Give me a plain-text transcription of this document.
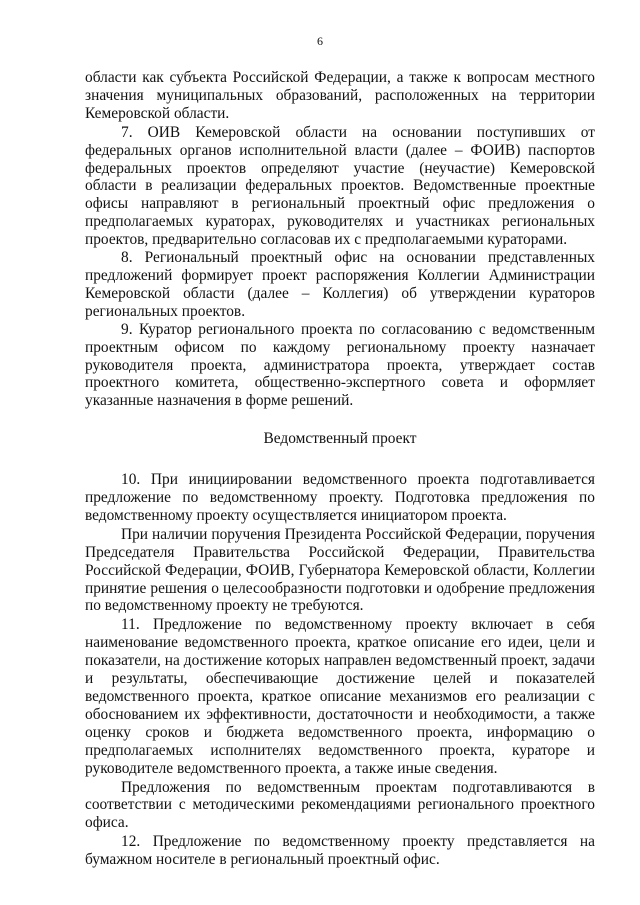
6

области как субъекта Российской Федерации, а также к вопросам местного значения муниципальных образований, расположенных на территории Кемеровской области.

7. ОИВ Кемеровской области на основании поступивших от федеральных органов исполнительной власти (далее – ФОИВ) паспортов федеральных проектов определяют участие (неучастие) Кемеровской области в реализации федеральных проектов. Ведомственные проектные офисы направляют в региональный проектный офис предложения о предполагаемых кураторах, руководителях и участниках региональных проектов, предварительно согласовав их с предполагаемыми кураторами.

8. Региональный проектный офис на основании представленных предложений формирует проект распоряжения Коллегии Администрации Кемеровской области (далее – Коллегия) об утверждении кураторов региональных проектов.

9. Куратор регионального проекта по согласованию с ведомственным проектным офисом по каждому региональному проекту назначает руководителя проекта, администратора проекта, утверждает состав проектного комитета, общественно-экспертного совета и оформляет указанные назначения в форме решений.

Ведомственный проект

10. При инициировании ведомственного проекта подготавливается предложение по ведомственному проекту. Подготовка предложения по ведомственному проекту осуществляется инициатором проекта.

При наличии поручения Президента Российской Федерации, поручения Председателя Правительства Российской Федерации, Правительства Российской Федерации, ФОИВ, Губернатора Кемеровской области, Коллегии принятие решения о целесообразности подготовки и одобрение предложения по ведомственному проекту не требуются.

11. Предложение по ведомственному проекту включает в себя наименование ведомственного проекта, краткое описание его идеи, цели и показатели, на достижение которых направлен ведомственный проект, задачи и результаты, обеспечивающие достижение целей и показателей ведомственного проекта, краткое описание механизмов его реализации с обоснованием их эффективности, достаточности и необходимости, а также оценку сроков и бюджета ведомственного проекта, информацию о предполагаемых исполнителях ведомственного проекта, кураторе и руководителе ведомственного проекта, а также иные сведения.

Предложения по ведомственным проектам подготавливаются в соответствии с методическими рекомендациями регионального проектного офиса.

12. Предложение по ведомственному проекту представляется на бумажном носителе в региональный проектный офис.
